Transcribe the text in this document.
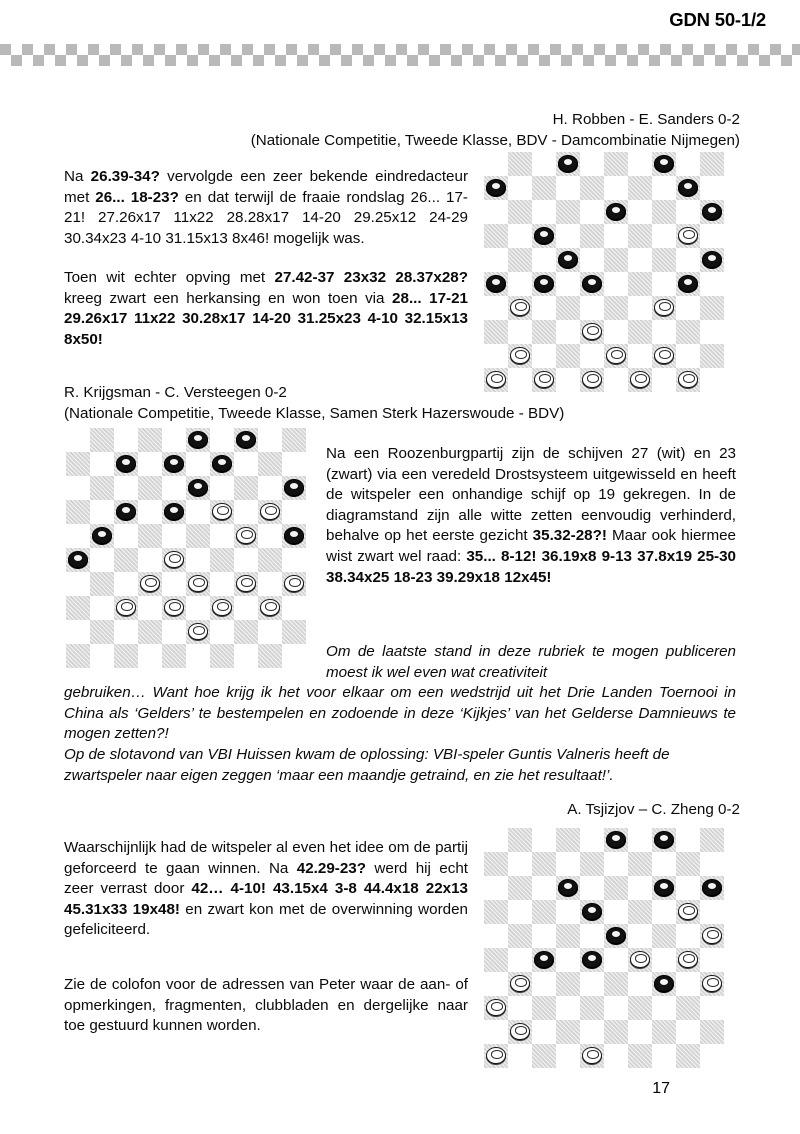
GDN 50-1/2
H. Robben - E. Sanders 0-2
(Nationale Competitie, Tweede Klasse, BDV - Damcombinatie Nijmegen)
Na 26.39-34? vervolgde een zeer bekende eindredacteur met 26... 18-23? en dat terwijl de fraaie rondslag 26... 17-21! 27.26x17 11x22 28.28x17 14-20 29.25x12 24-29 30.34x23 4-10 31.15x13 8x46! mogelijk was.
Toen wit echter opving met 27.42-37 23x32 28.37x28? kreeg zwart een herkansing en won toen via 28... 17-21 29.26x17 11x22 30.28x17 14-20 31.25x23 4-10 32.15x13 8x50!
R. Krijgsman - C. Versteegen 0-2
(Nationale Competitie, Tweede Klasse, Samen Sterk Hazerswoude - BDV)
Na een Roozenburgpartij zijn de schijven 27 (wit) en 23 (zwart) via een veredeld Drostsysteem uitgewisseld en heeft de witspeler een onhandige schijf op 19 gekregen. In de diagramstand zijn alle witte zetten eenvoudig verhinderd, behalve op het eerste gezicht 35.32-28?! Maar ook hiermee wist zwart wel raad: 35... 8-12! 36.19x8 9-13 37.8x19 25-30 38.34x25 18-23 39.29x18 12x45!
Om de laatste stand in deze rubriek te mogen publiceren moest ik wel even wat creativiteit
gebruiken… Want hoe krijg ik het voor elkaar om een wedstrijd uit het Drie Landen Toernooi in China als ‘Gelders’ te bestempelen en zodoende in deze ‘Kijkjes’ van het Gelderse Damnieuws te mogen zetten?!
Op de slotavond van VBI Huissen kwam de oplossing: VBI-speler Guntis Valneris heeft de zwartspeler naar eigen zeggen ‘maar een maandje getraind, en zie het resultaat!’.
A. Tsjizjov – C. Zheng 0-2
Waarschijnlijk had de witspeler al even het idee om de partij geforceerd te gaan winnen. Na 42.29-23? werd hij echt zeer verrast door 42… 4-10! 43.15x4 3-8 44.4x18 22x13 45.31x33 19x48! en zwart kon met de overwinning worden gefeliciteerd.
Zie de colofon voor de adressen van Peter waar de aan- of opmerkingen, fragmenten, clubbladen en dergelijke naar toe gestuurd kunnen worden.
17
